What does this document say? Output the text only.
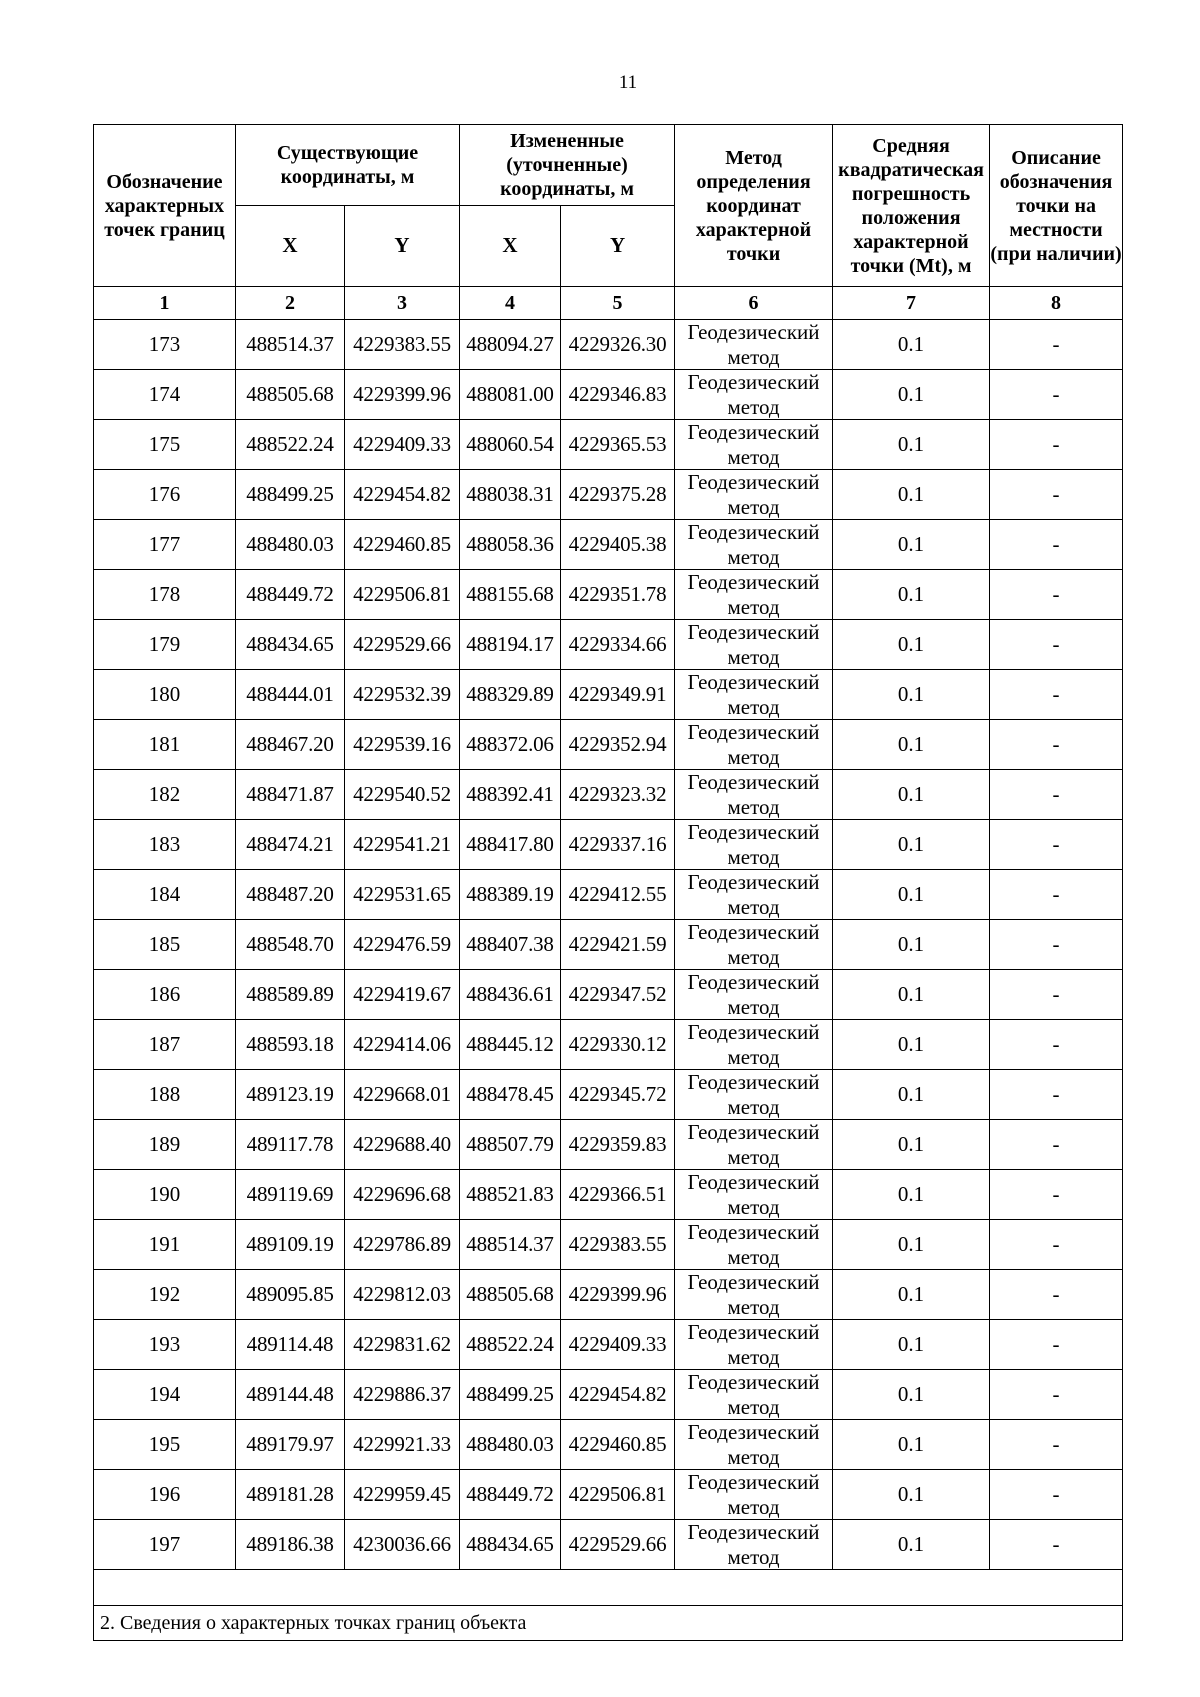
11
Обозначение характерных точек границ	Существующие координаты, м		Измененные (уточненные) координаты, м		Метод определения координат характерной точки	Средняя квадратическая погрешность положения характерной точки (Mt), м	Описание обозначения точки на местности (при наличии)
	X	Y	X	Y			
1	2	3	4	5	6	7	8
173	488514.37	4229383.55	488094.27	4229326.30	Геодезический метод	0.1	-
174	488505.68	4229399.96	488081.00	4229346.83	Геодезический метод	0.1	-
175	488522.24	4229409.33	488060.54	4229365.53	Геодезический метод	0.1	-
176	488499.25	4229454.82	488038.31	4229375.28	Геодезический метод	0.1	-
177	488480.03	4229460.85	488058.36	4229405.38	Геодезический метод	0.1	-
178	488449.72	4229506.81	488155.68	4229351.78	Геодезический метод	0.1	-
179	488434.65	4229529.66	488194.17	4229334.66	Геодезический метод	0.1	-
180	488444.01	4229532.39	488329.89	4229349.91	Геодезический метод	0.1	-
181	488467.20	4229539.16	488372.06	4229352.94	Геодезический метод	0.1	-
182	488471.87	4229540.52	488392.41	4229323.32	Геодезический метод	0.1	-
183	488474.21	4229541.21	488417.80	4229337.16	Геодезический метод	0.1	-
184	488487.20	4229531.65	488389.19	4229412.55	Геодезический метод	0.1	-
185	488548.70	4229476.59	488407.38	4229421.59	Геодезический метод	0.1	-
186	488589.89	4229419.67	488436.61	4229347.52	Геодезический метод	0.1	-
187	488593.18	4229414.06	488445.12	4229330.12	Геодезический метод	0.1	-
188	489123.19	4229668.01	488478.45	4229345.72	Геодезический метод	0.1	-
189	489117.78	4229688.40	488507.79	4229359.83	Геодезический метод	0.1	-
190	489119.69	4229696.68	488521.83	4229366.51	Геодезический метод	0.1	-
191	489109.19	4229786.89	488514.37	4229383.55	Геодезический метод	0.1	-
192	489095.85	4229812.03	488505.68	4229399.96	Геодезический метод	0.1	-
193	489114.48	4229831.62	488522.24	4229409.33	Геодезический метод	0.1	-
194	489144.48	4229886.37	488499.25	4229454.82	Геодезический метод	0.1	-
195	489179.97	4229921.33	488480.03	4229460.85	Геодезический метод	0.1	-
196	489181.28	4229959.45	488449.72	4229506.81	Геодезический метод	0.1	-
197	489186.38	4230036.66	488434.65	4229529.66	Геодезический метод	0.1	-

2. Сведения о характерных точках границ объекта							
